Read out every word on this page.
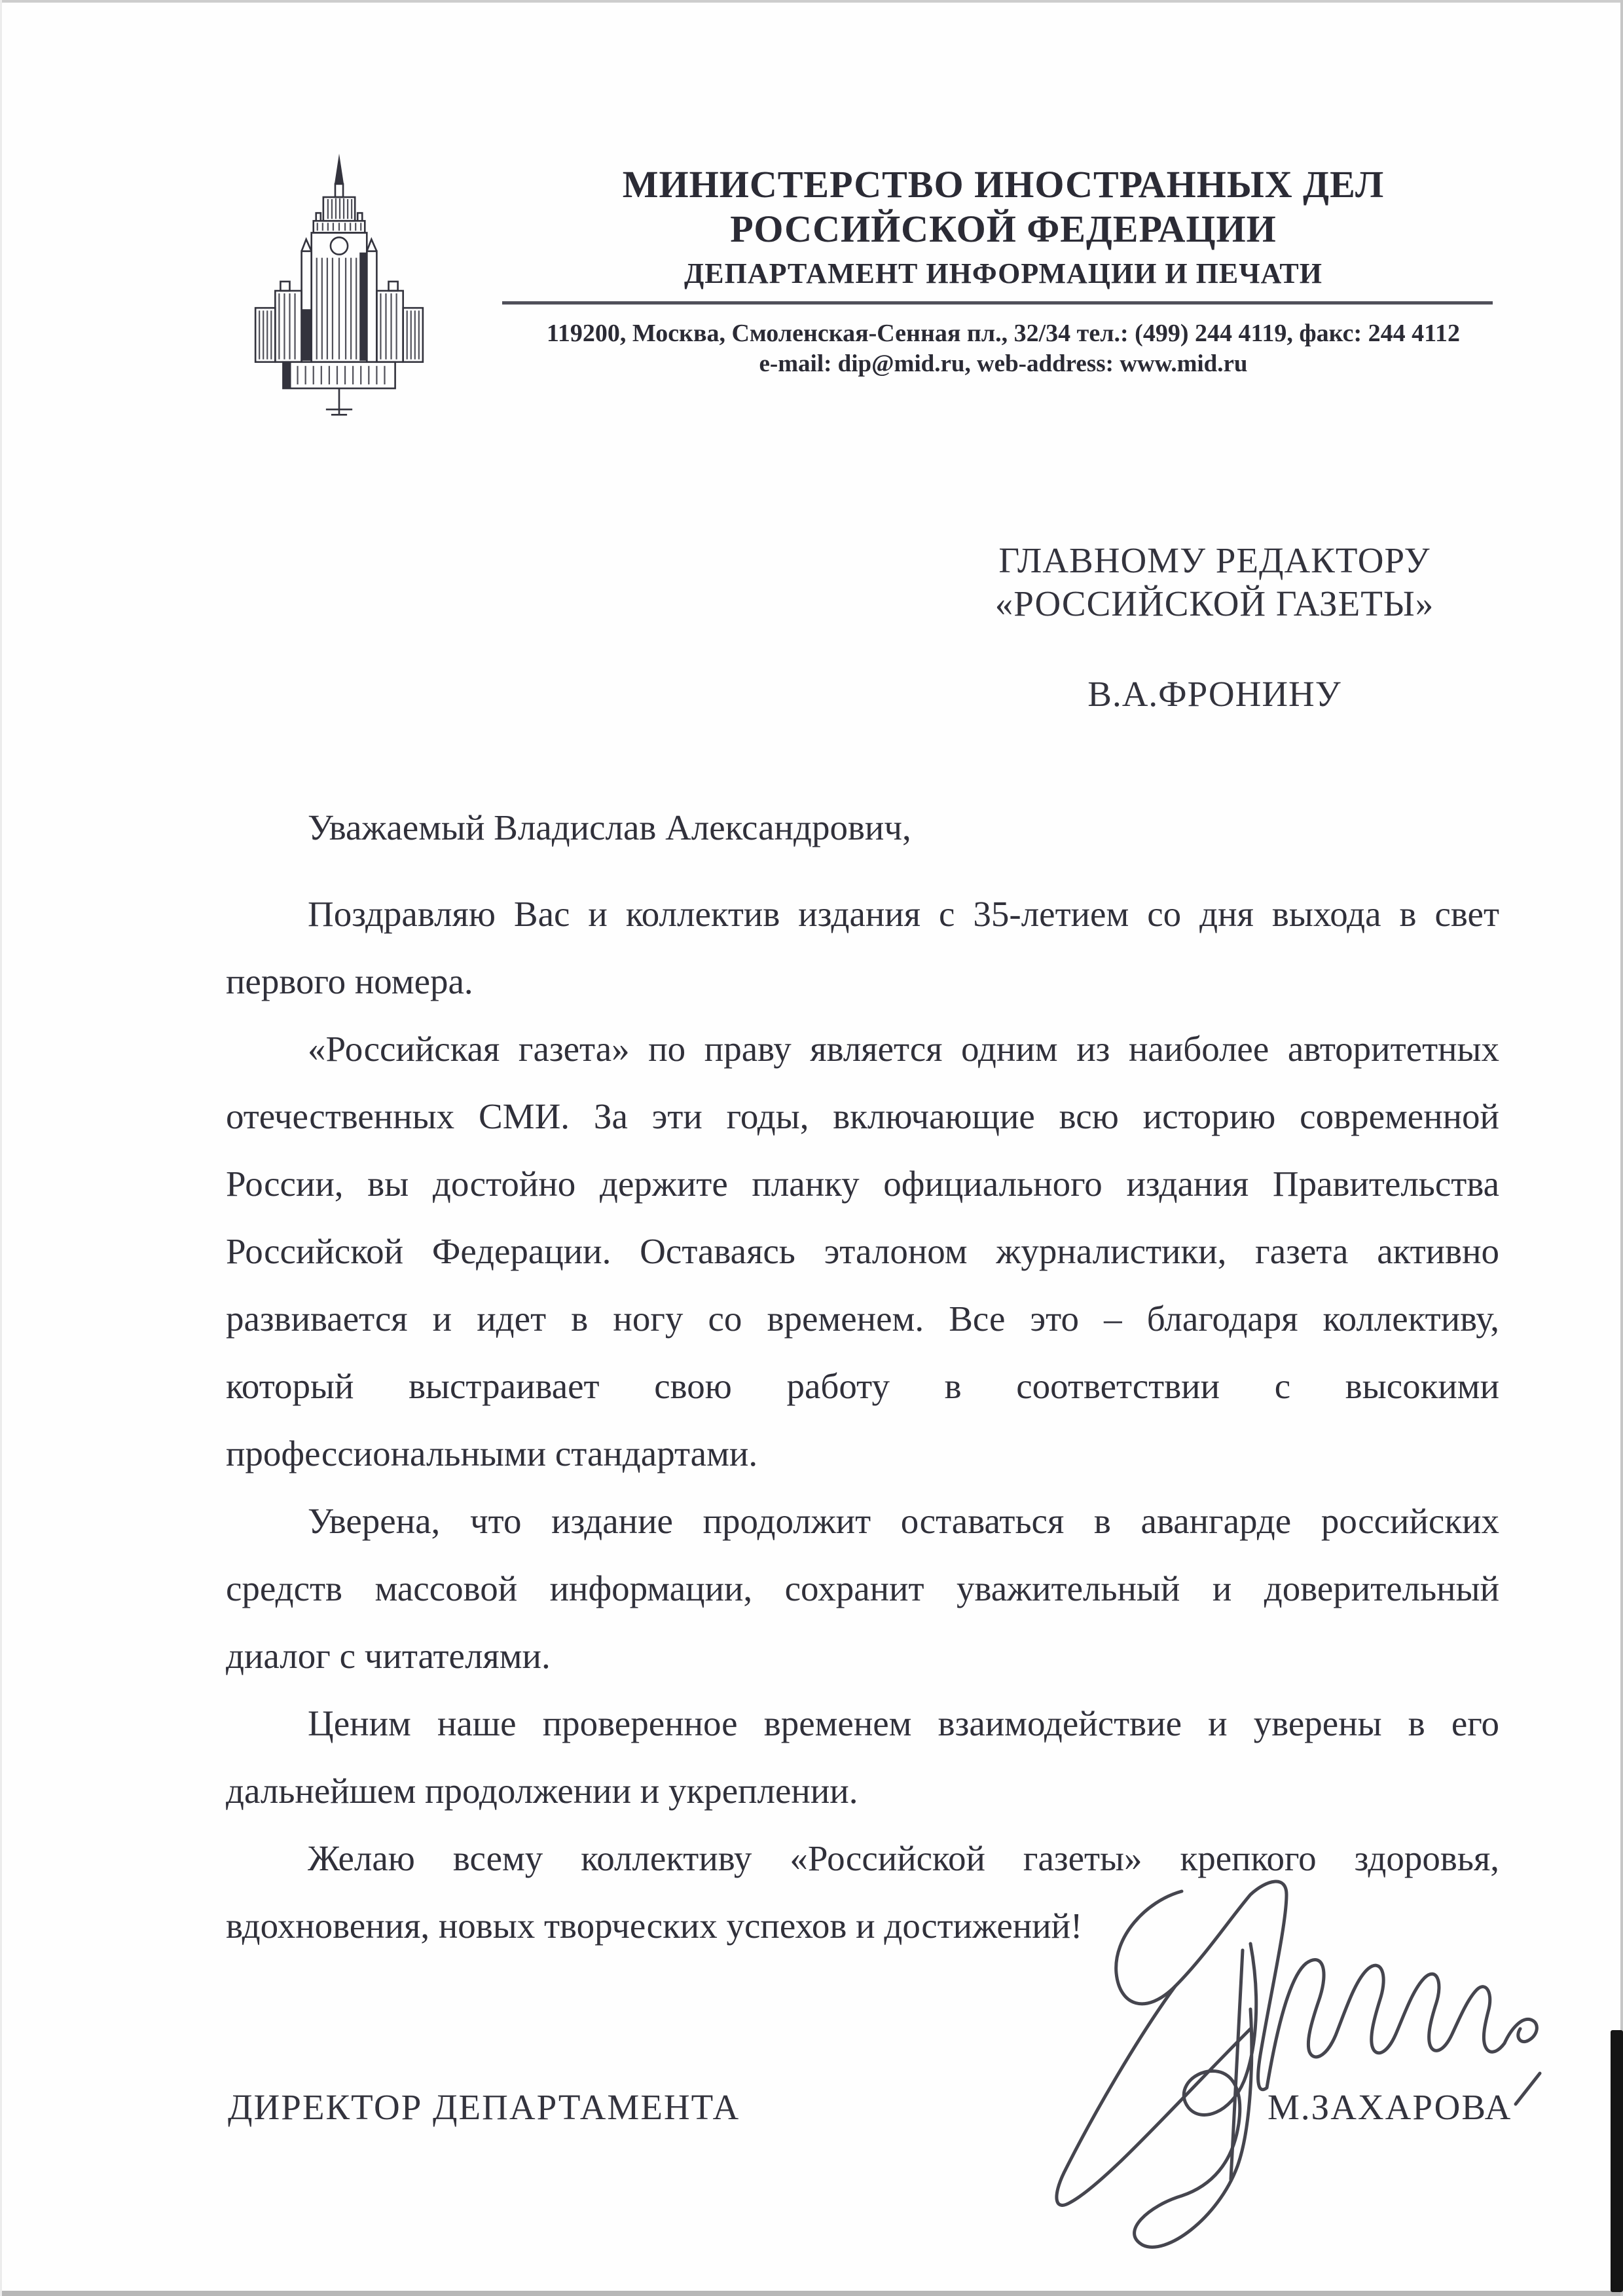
МИНИСТЕРСТВО ИНОСТРАННЫХ ДЕЛ
РОССИЙСКОЙ ФЕДЕРАЦИИ
ДЕПАРТАМЕНТ ИНФОРМАЦИИ И ПЕЧАТИ
119200, Москва, Смоленская-Сенная пл., 32/34 тел.: (499) 244 4119, факс: 244 4112
e-mail: dip@mid.ru, web-address: www.mid.ru
ГЛАВНОМУ РЕДАКТОРУ
«РОССИЙСКОЙ ГАЗЕТЫ»
В.А.ФРОНИНУ
Уважаемый Владислав Александрович,
Поздравляю Вас и коллектив издания с 35-летием со дня выхода в свет
первого номера.
«Российская газета» по праву является одним из наиболее авторитетных
отечественных СМИ. За эти годы, включающие всю историю современной
России, вы достойно держите планку официального издания Правительства
Российской Федерации. Оставаясь эталоном журналистики, газета активно
развивается и идет в ногу со временем. Все это – благодаря коллективу,
который выстраивает свою работу в соответствии с высокими
профессиональными стандартами.
Уверена, что издание продолжит оставаться в авангарде российских
средств массовой информации, сохранит уважительный и доверительный
диалог с читателями.
Ценим наше проверенное временем взаимодействие и уверены в его
дальнейшем продолжении и укреплении.
Желаю всему коллективу «Российской газеты» крепкого здоровья,
вдохновения, новых творческих успехов и достижений!
ДИРЕКТОР ДЕПАРТАМЕНТА	М.ЗАХАРОВА
